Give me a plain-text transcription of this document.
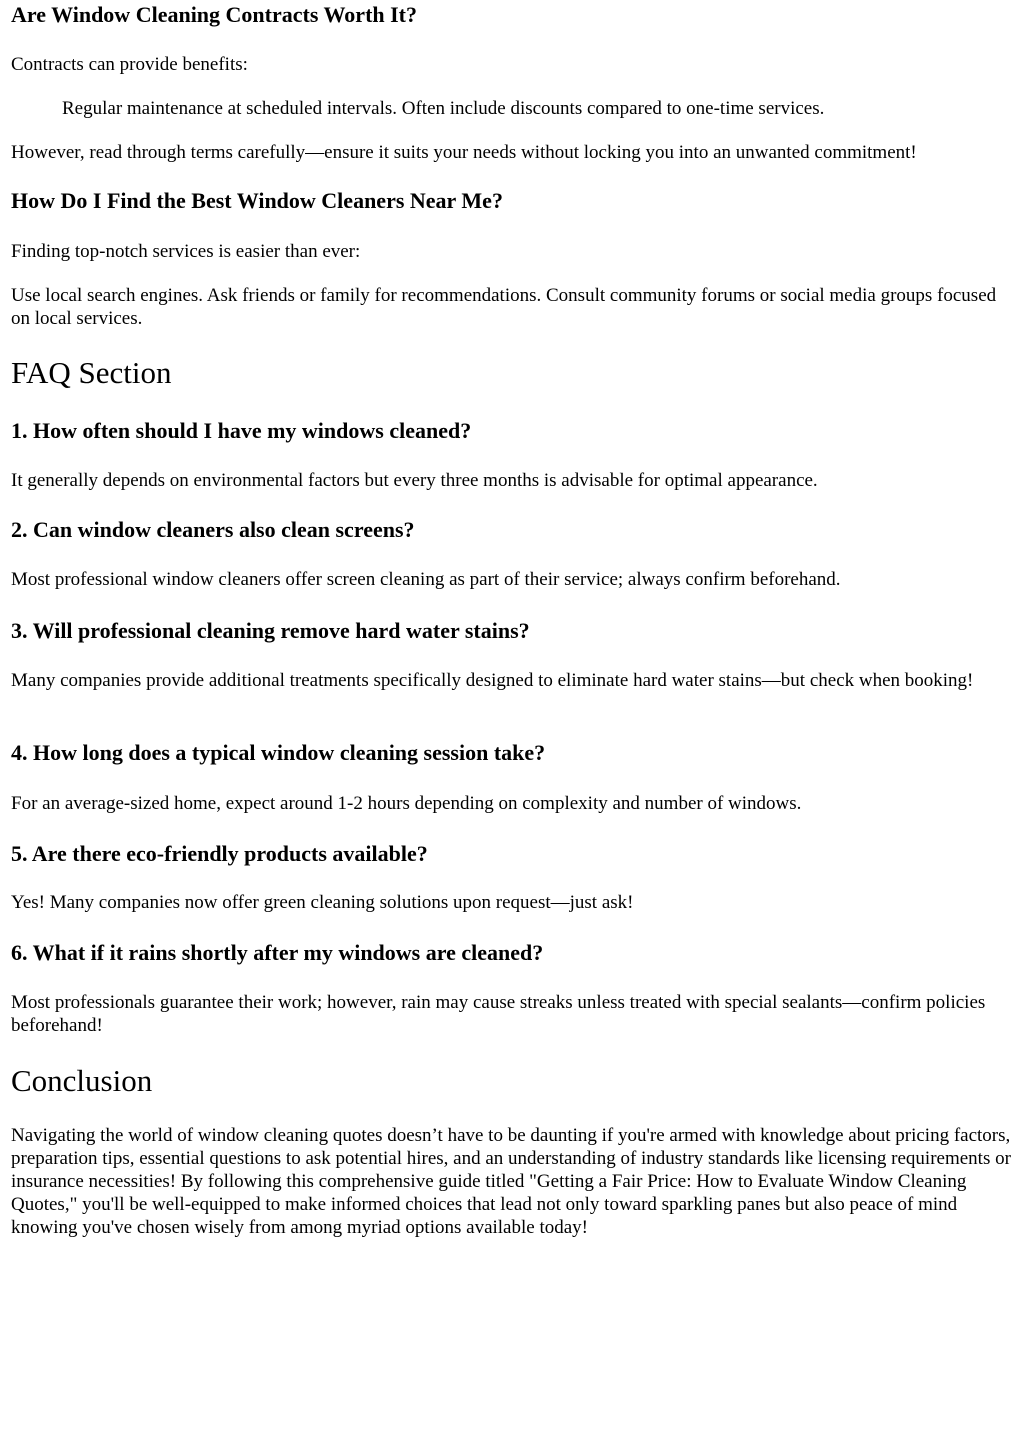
Are Window Cleaning Contracts Worth It?

Contracts can provide benefits:

Regular maintenance at scheduled intervals. Often include discounts compared to one-time services.

However, read through terms carefully—ensure it suits your needs without locking you into an unwanted commitment!

How Do I Find the Best Window Cleaners Near Me?

Finding top-notch services is easier than ever:

Use local search engines. Ask friends or family for recommendations. Consult community forums or social media groups focused on local services.

FAQ Section
1. How often should I have my windows cleaned?

It generally depends on environmental factors but every three months is advisable for optimal appearance.

2. Can window cleaners also clean screens?

Most professional window cleaners offer screen cleaning as part of their service; always confirm beforehand.

3. Will professional cleaning remove hard water stains?

Many companies provide additional treatments specifically designed to eliminate hard water stains—but check when booking!

4. How long does a typical window cleaning session take?

For an average-sized home, expect around 1-2 hours depending on complexity and number of windows.

5. Are there eco-friendly products available?

Yes! Many companies now offer green cleaning solutions upon request—just ask!

6. What if it rains shortly after my windows are cleaned?

Most professionals guarantee their work; however, rain may cause streaks unless treated with special sealants—confirm policies beforehand!

Conclusion

Navigating the world of window cleaning quotes doesn’t have to be daunting if you're armed with knowledge about pricing factors, preparation tips, essential questions to ask potential hires, and an understanding of industry standards like licensing requirements or insurance necessities! By following this comprehensive guide titled "Getting a Fair Price: How to Evaluate Window Cleaning Quotes," you'll be well-equipped to make informed choices that lead not only toward sparkling panes but also peace of mind knowing you've chosen wisely from among myriad options available today!
